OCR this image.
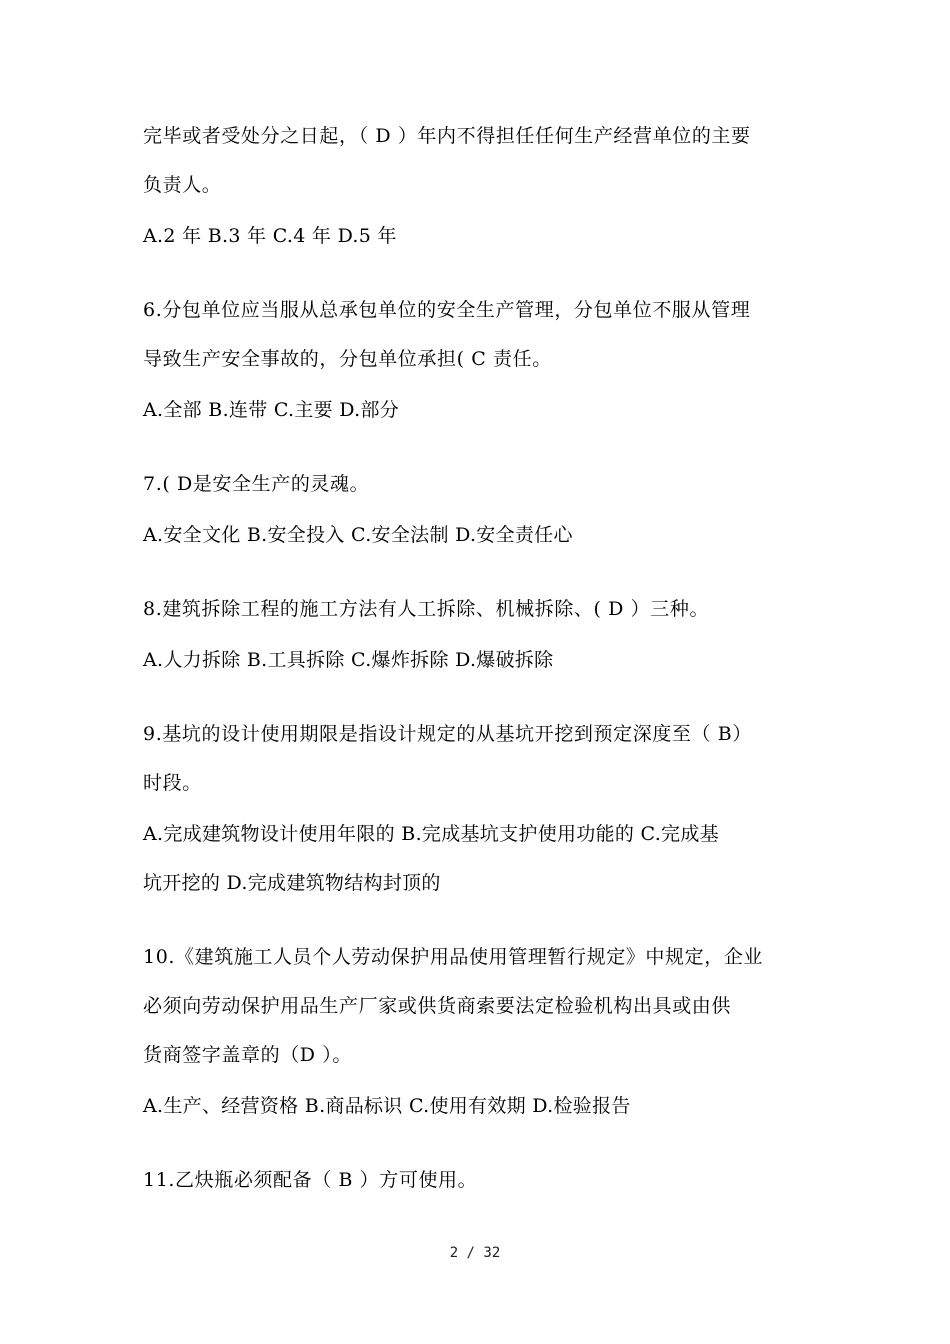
完毕或者受处分之日起，（ D ）年内不得担任任何生产经营单位的主要
负责人。
A.2 年 B.3 年 C.4 年 D.5 年
6.分包单位应当服从总承包单位的安全生产管理，分包单位不服从管理
导致生产安全事故的，分包单位承担( C 责任。
A.全部 B.连带 C.主要 D.部分
7.( D是安全生产的灵魂。
A.安全文化 B.安全投入 C.安全法制 D.安全责任心
8.建筑拆除工程的施工方法有人工拆除、机械拆除、( D ）三种。
A.人力拆除 B.工具拆除 C.爆炸拆除 D.爆破拆除
9.基坑的设计使用期限是指设计规定的从基坑开挖到预定深度至（ B）
时段。
A.完成建筑物设计使用年限的 B.完成基坑支护使用功能的 C.完成基
坑开挖的 D.完成建筑物结构封顶的
10.《建筑施工人员个人劳动保护用品使用管理暂行规定》中规定，企业
必须向劳动保护用品生产厂家或供货商索要法定检验机构出具或由供
货商签字盖章的（D ）。
A.生产、经营资格 B.商品标识 C.使用有效期 D.检验报告
11.乙炔瓶必须配备（ B ）方可使用。
2 / 32
